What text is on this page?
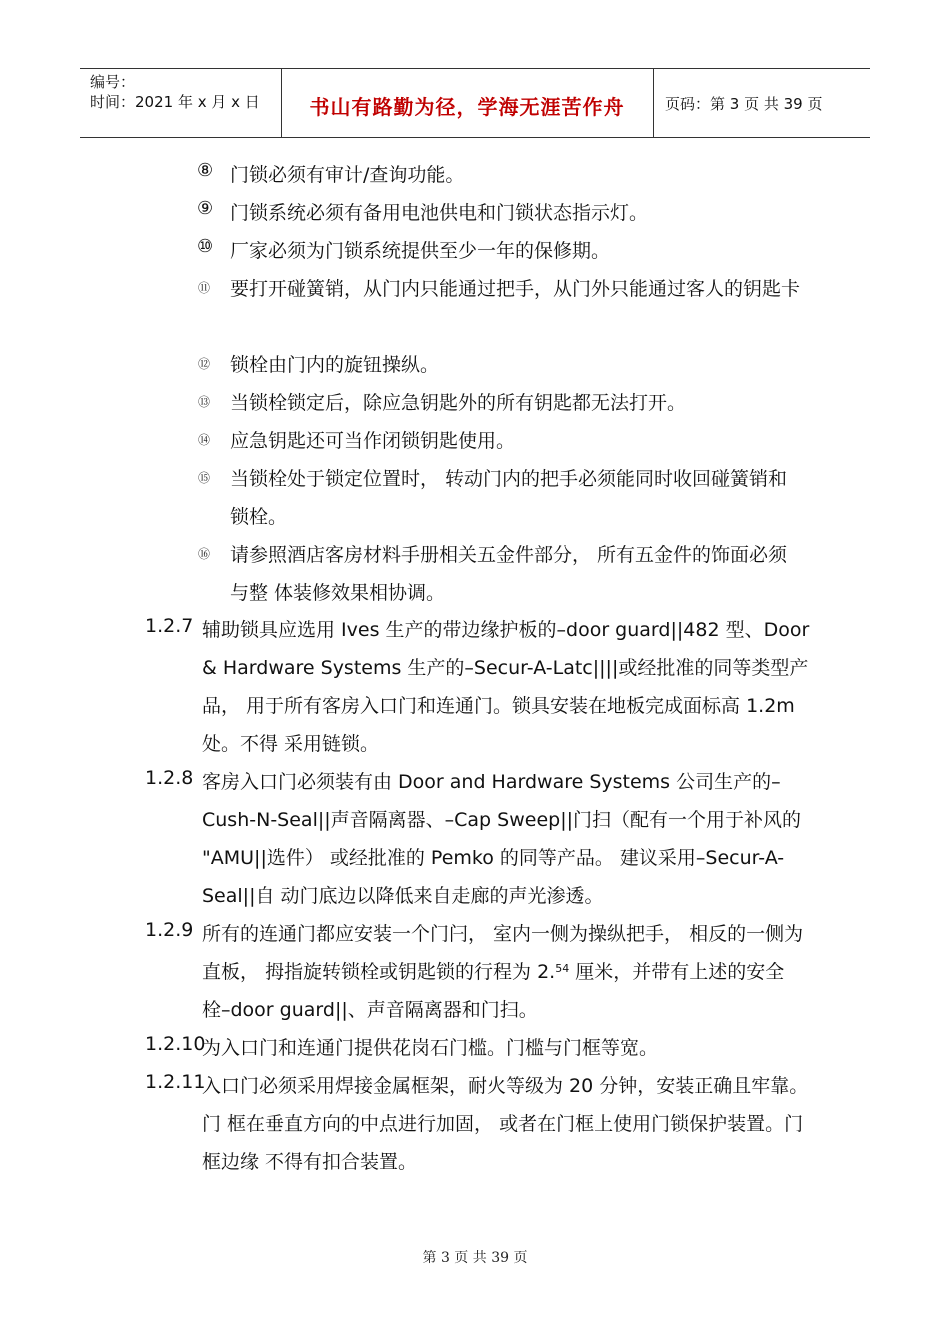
编号：
时间：2021 年 x 月 x 日	书山有路勤为径，学海无涯苦作舟	页码：第 3 页 共 39 页
⑧ 门锁必须有审计/查询功能。
⑨ 门锁系统必须有备用电池供电和门锁状态指示灯。
⑩ 厂家必须为门锁系统提供至少一年的保修期。
⑪ 要打开碰簧销，从门内只能通过把手，从门外只能通过客人的钥匙卡
⑫ 锁栓由门内的旋钮操纵。
⑬ 当锁栓锁定后，除应急钥匙外的所有钥匙都无法打开。
⑭ 应急钥匙还可当作闭锁钥匙使用。
⑮ 当锁栓处于锁定位置时， 转动门内的把手必须能同时收回碰簧销和
锁栓。
⑯ 请参照酒店客房材料手册相关五金件部分， 所有五金件的饰面必须
与整 体装修效果相协调。
1.2.7 辅助锁具应选用 Ives 生产的带边缘护板的–door guard||482 型、Door
& Hardware Systems 生产的–Secur-A-Latc||||或经批准的同等类型产
品， 用于所有客房入口门和连通门。锁具安装在地板完成面标高 1.2m
处。不得 采用链锁。
1.2.8 客房入口门必须装有由 Door and Hardware Systems 公司生产的–
Cush-N-Seal||声音隔离器、–Cap Sweep||门扫（配有一个用于补风的
"AMU||选件） 或经批准的 Pemko 的同等产品。 建议采用–Secur-A-
Seal||自 动门底边以降低来自走廊的声光渗透。
1.2.9 所有的连通门都应安装一个门闩， 室内一侧为操纵把手， 相反的一侧为
直板， 拇指旋转锁栓或钥匙锁的行程为 2.54 厘米，并带有上述的安全
栓–door guard||、声音隔离器和门扫。
1.2.10
为入口门和连通门提供花岗石门槛。门槛与门框等宽。
1.2.11
入口门必须采用焊接金属框架，耐火等级为 20 分钟，安装正确且牢靠。
门 框在垂直方向的中点进行加固， 或者在门框上使用门锁保护装置。门
框边缘 不得有扣合装置。
第 3 页 共 39 页
